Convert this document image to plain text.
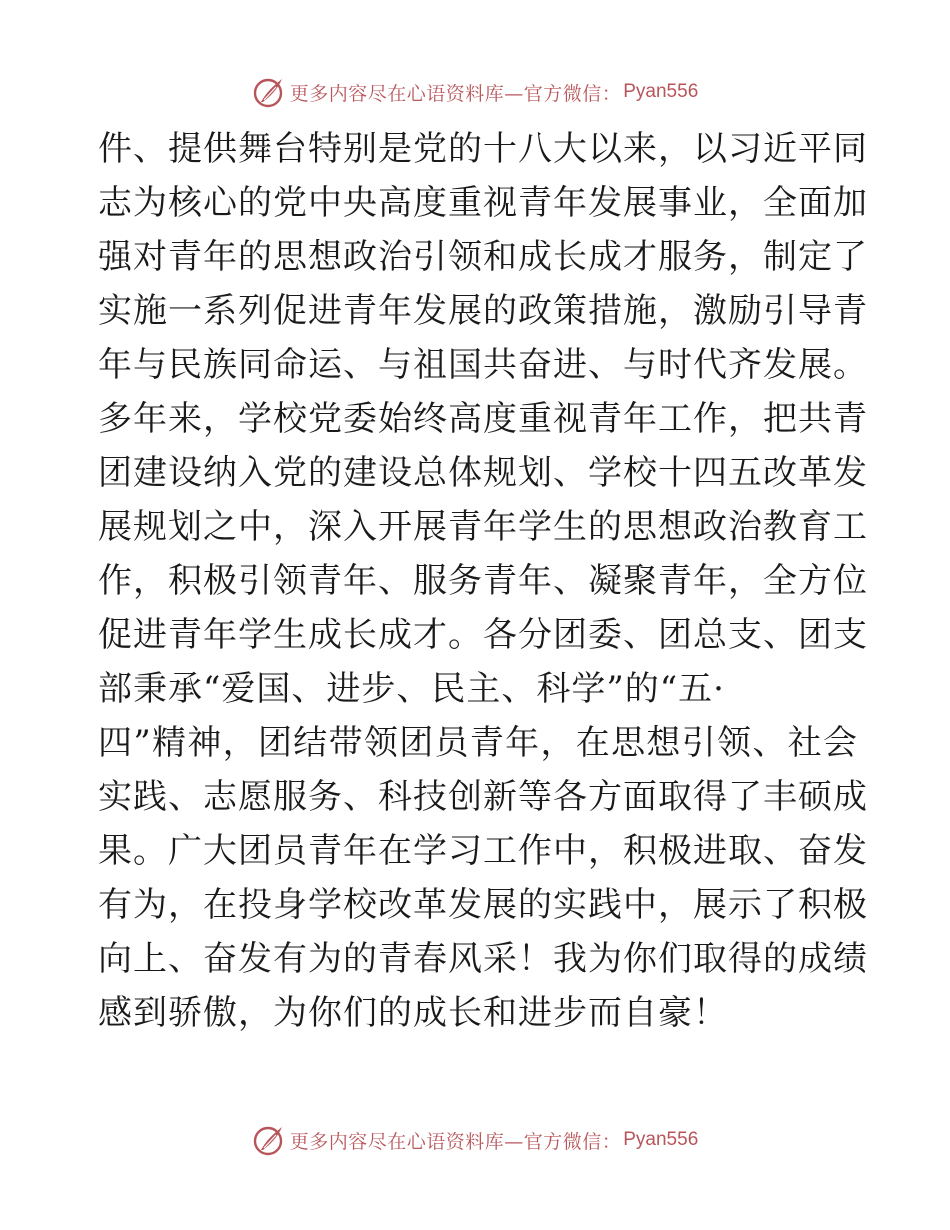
更多内容尽在心语资料库—官方微信： Pyan556
件、提供舞台特别是党的十八大以来，以习近平同
志为核心的党中央高度重视青年发展事业，全面加
强对青年的思想政治引领和成长成才服务，制定了
实施一系列促进青年发展的政策措施，激励引导青
年与民族同命运、与祖国共奋进、与时代齐发展。
多年来，学校党委始终高度重视青年工作，把共青
团建设纳入党的建设总体规划、学校十四五改革发
展规划之中，深入开展青年学生的思想政治教育工
作，积极引领青年、服务青年、凝聚青年，全方位
促进青年学生成长成才。各分团委、团总支、团支
部秉承“爱国、进步、民主、科学”的“五·
四”精神，团结带领团员青年，在思想引领、社会
实践、志愿服务、科技创新等各方面取得了丰硕成
果。广大团员青年在学习工作中，积极进取、奋发
有为，在投身学校改革发展的实践中，展示了积极
向上、奋发有为的青春风采！我为你们取得的成绩
感到骄傲，为你们的成长和进步而自豪！
更多内容尽在心语资料库—官方微信： Pyan556
